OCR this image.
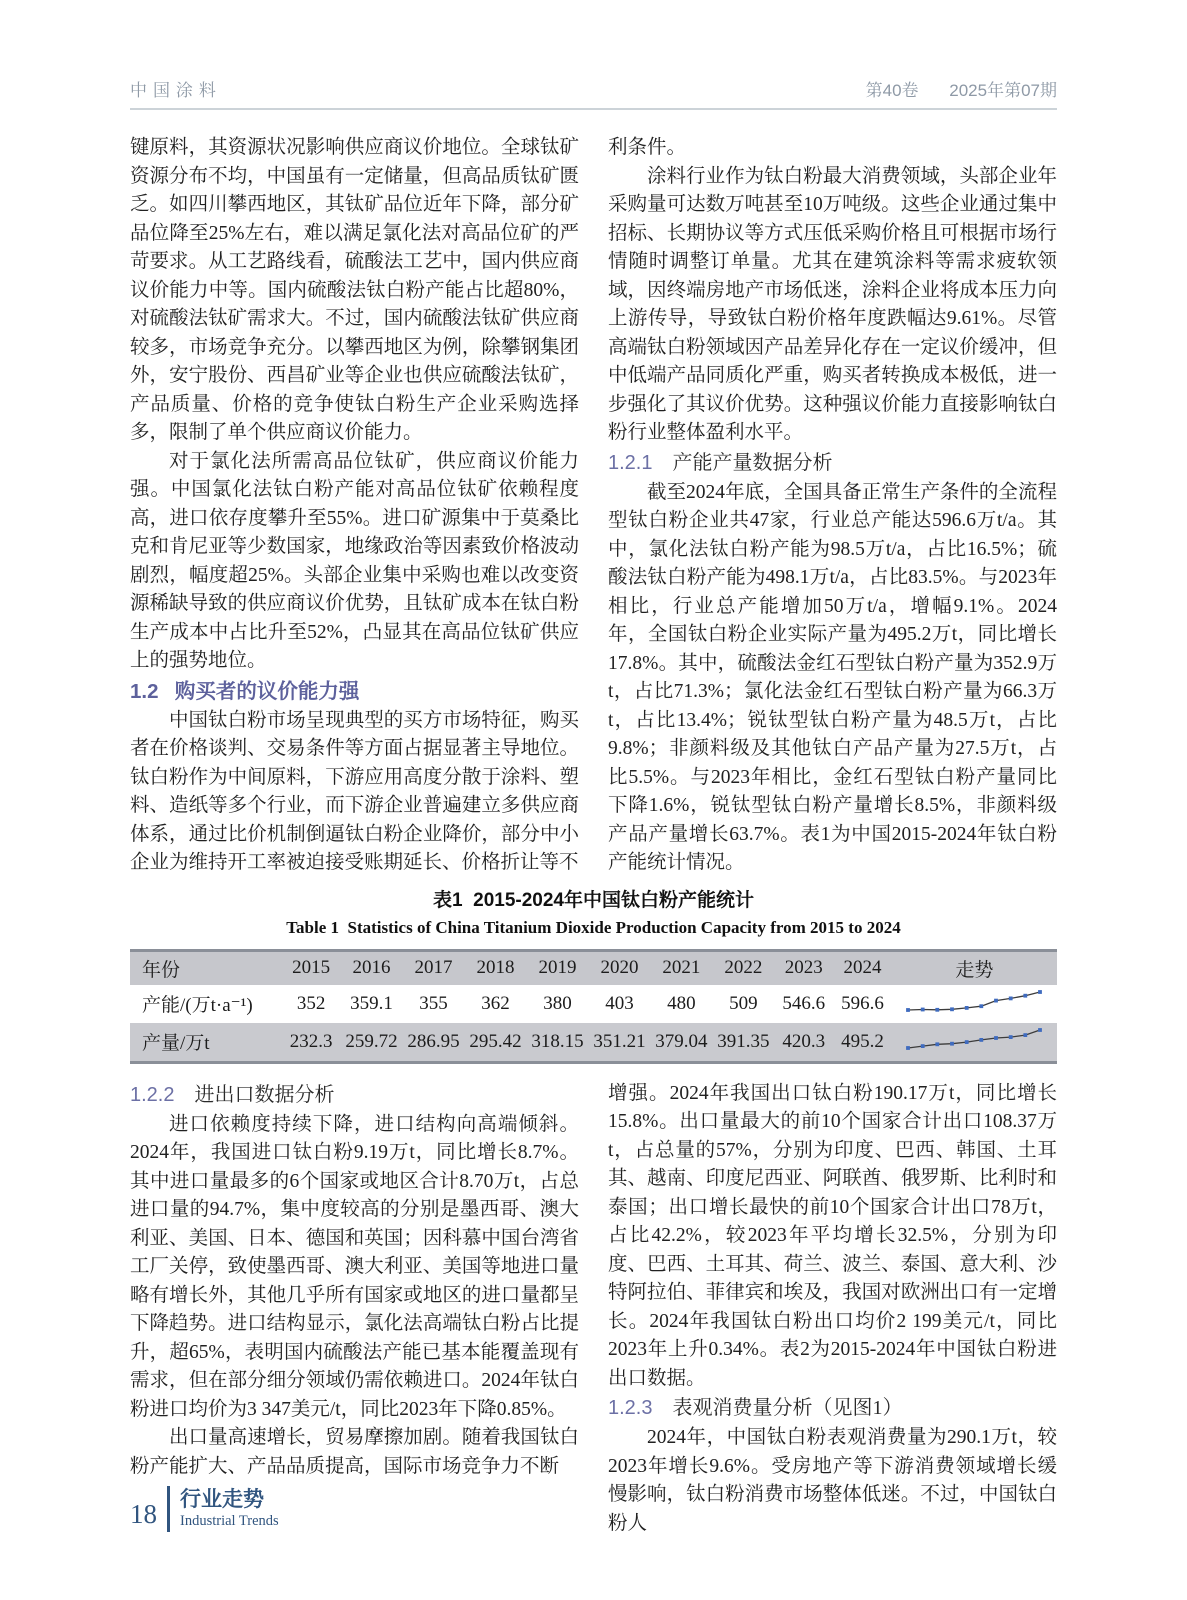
中国涂料	第40卷 2025年第07期

键原料，其资源状况影响供应商议价地位。全球钛矿资源分布不均，中国虽有一定储量，但高品质钛矿匮乏。如四川攀西地区，其钛矿品位近年下降，部分矿品位降至25%左右，难以满足氯化法对高品位矿的严苛要求。从工艺路线看，硫酸法工艺中，国内供应商议价能力中等。国内硫酸法钛白粉产能占比超80%，对硫酸法钛矿需求大。不过，国内硫酸法钛矿供应商较多，市场竞争充分。以攀西地区为例，除攀钢集团外，安宁股份、西昌矿业等企业也供应硫酸法钛矿，产品质量、价格的竞争使钛白粉生产企业采购选择多，限制了单个供应商议价能力。

对于氯化法所需高品位钛矿，供应商议价能力强。中国氯化法钛白粉产能对高品位钛矿依赖程度高，进口依存度攀升至55%。进口矿源集中于莫桑比克和肯尼亚等少数国家，地缘政治等因素致价格波动剧烈，幅度超25%。头部企业集中采购也难以改变资源稀缺导致的供应商议价优势，且钛矿成本在钛白粉生产成本中占比升至52%，凸显其在高品位钛矿供应上的强势地位。

1.2 购买者的议价能力强

中国钛白粉市场呈现典型的买方市场特征，购买者在价格谈判、交易条件等方面占据显著主导地位。钛白粉作为中间原料，下游应用高度分散于涂料、塑料、造纸等多个行业，而下游企业普遍建立多供应商体系，通过比价机制倒逼钛白粉企业降价，部分中小企业为维持开工率被迫接受账期延长、价格折让等不

利条件。

涂料行业作为钛白粉最大消费领域，头部企业年采购量可达数万吨甚至10万吨级。这些企业通过集中招标、长期协议等方式压低采购价格且可根据市场行情随时调整订单量。尤其在建筑涂料等需求疲软领域，因终端房地产市场低迷，涂料企业将成本压力向上游传导，导致钛白粉价格年度跌幅达9.61%。尽管高端钛白粉领域因产品差异化存在一定议价缓冲，但中低端产品同质化严重，购买者转换成本极低，进一步强化了其议价优势。这种强议价能力直接影响钛白粉行业整体盈利水平。

1.2.1 产能产量数据分析

截至2024年底，全国具备正常生产条件的全流程型钛白粉企业共47家，行业总产能达596.6万t/a。其中，氯化法钛白粉产能为98.5万t/a，占比16.5%；硫酸法钛白粉产能为498.1万t/a，占比83.5%。与2023年相比，行业总产能增加50万t/a，增幅9.1%。2024年，全国钛白粉企业实际产量为495.2万t，同比增长17.8%。其中，硫酸法金红石型钛白粉产量为352.9万t，占比71.3%；氯化法金红石型钛白粉产量为66.3万t，占比13.4%；锐钛型钛白粉产量为48.5万t，占比9.8%；非颜料级及其他钛白产品产量为27.5万t，占比5.5%。与2023年相比，金红石型钛白粉产量同比下降1.6%，锐钛型钛白粉产量增长8.5%，非颜料级产品产量增长63.7%。表1为中国2015-2024年钛白粉产能统计情况。

表1  2015-2024年中国钛白粉产能统计
Table 1  Statistics of China Titanium Dioxide Production Capacity from 2015 to 2024
年份	2015	2016	2017	2018	2019	2020	2021	2022	2023	2024	走势
产能/(万t·a⁻¹)	352	359.1	355	362	380	403	480	509	546.6	596.6	
产量/万t	232.3	259.72	286.95	295.42	318.15	351.21	379.04	391.35	420.3	495.2	
1.2.2 进出口数据分析

进口依赖度持续下降，进口结构向高端倾斜。2024年，我国进口钛白粉9.19万t，同比增长8.7%。其中进口量最多的6个国家或地区合计8.70万t，占总进口量的94.7%，集中度较高的分别是墨西哥、澳大利亚、美国、日本、德国和英国；因科慕中国台湾省工厂关停，致使墨西哥、澳大利亚、美国等地进口量略有增长外，其他几乎所有国家或地区的进口量都呈下降趋势。进口结构显示，氯化法高端钛白粉占比提升，超65%，表明国内硫酸法产能已基本能覆盖现有需求，但在部分细分领域仍需依赖进口。2024年钛白粉进口均价为3 347美元/t，同比2023年下降0.85%。

出口量高速增长，贸易摩擦加剧。随着我国钛白粉产能扩大、产品品质提高，国际市场竞争力不断

增强。2024年我国出口钛白粉190.17万t，同比增长15.8%。出口量最大的前10个国家合计出口108.37万t，占总量的57%，分别为印度、巴西、韩国、土耳其、越南、印度尼西亚、阿联酋、俄罗斯、比利时和泰国；出口增长最快的前10个国家合计出口78万t，占比42.2%，较2023年平均增长32.5%，分别为印度、巴西、土耳其、荷兰、波兰、泰国、意大利、沙特阿拉伯、菲律宾和埃及，我国对欧洲出口有一定增长。2024年我国钛白粉出口均价2 199美元/t，同比2023年上升0.34%。表2为2015-2024年中国钛白粉进出口数据。

1.2.3 表观消费量分析（见图1）

2024年，中国钛白粉表观消费量为290.1万t，较2023年增长9.6%。受房地产等下游消费领域增长缓慢影响，钛白粉消费市场整体低迷。不过，中国钛白粉人

18 行业走势
Industrial Trends
